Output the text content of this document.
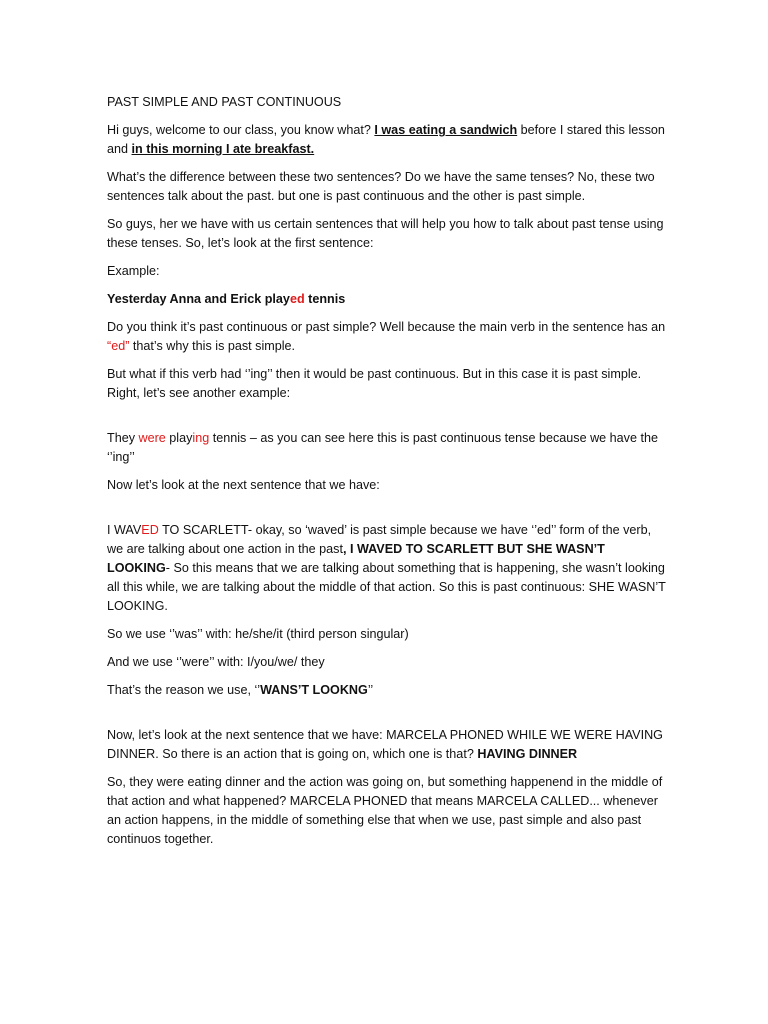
PAST SIMPLE AND PAST CONTINUOUS

Hi guys, welcome to our class, you know what? I was eating a sandwich before I stared this lesson and in this morning I ate breakfast.

What’s the difference between these two sentences? Do we have the same tenses? No, these two sentences talk about the past. but one is past continuous and the other is past simple.

So guys, her we have with us certain sentences that will help you how to talk about past tense using these tenses. So, let’s look at the first sentence:

Example:

Yesterday Anna and Erick played tennis

Do you think it’s past continuous or past simple? Well because the main verb in the sentence has an “ed” that’s why this is past simple.

But what if this verb had ‘’ing’’ then it would be past continuous. But in this case it is past simple. Right, let’s see another example:

They were playing tennis – as you can see here this is past continuous tense because we have the ‘’ing’’

Now let’s look at the next sentence that we have:

I WAVED TO SCARLETT- okay, so ‘waved’ is past simple because we have ‘’ed’’ form of the verb, we are talking about one action in the past, I WAVED TO SCARLETT BUT SHE WASN’T LOOKING- So this means that we are talking about something that is happening, she wasn’t looking all this while, we are talking about the middle of that action. So this is past continuous: SHE WASN’T LOOKING.

So we use ‘’was’’ with: he/she/it (third person singular)

And we use ‘’were’’ with: I/you/we/ they

That’s the reason we use, ‘’WANS’T LOOKNG’’

Now, let’s look at the next sentence that we have: MARCELA PHONED WHILE WE WERE HAVING DINNER. So there is an action that is going on, which one is that? HAVING DINNER

So, they were eating dinner and the action was going on, but something happenend in the middle of that action and what happened? MARCELA PHONED that means MARCELA CALLED... whenever an action happens, in the middle of something else that when we use, past simple and also past continuos together.
